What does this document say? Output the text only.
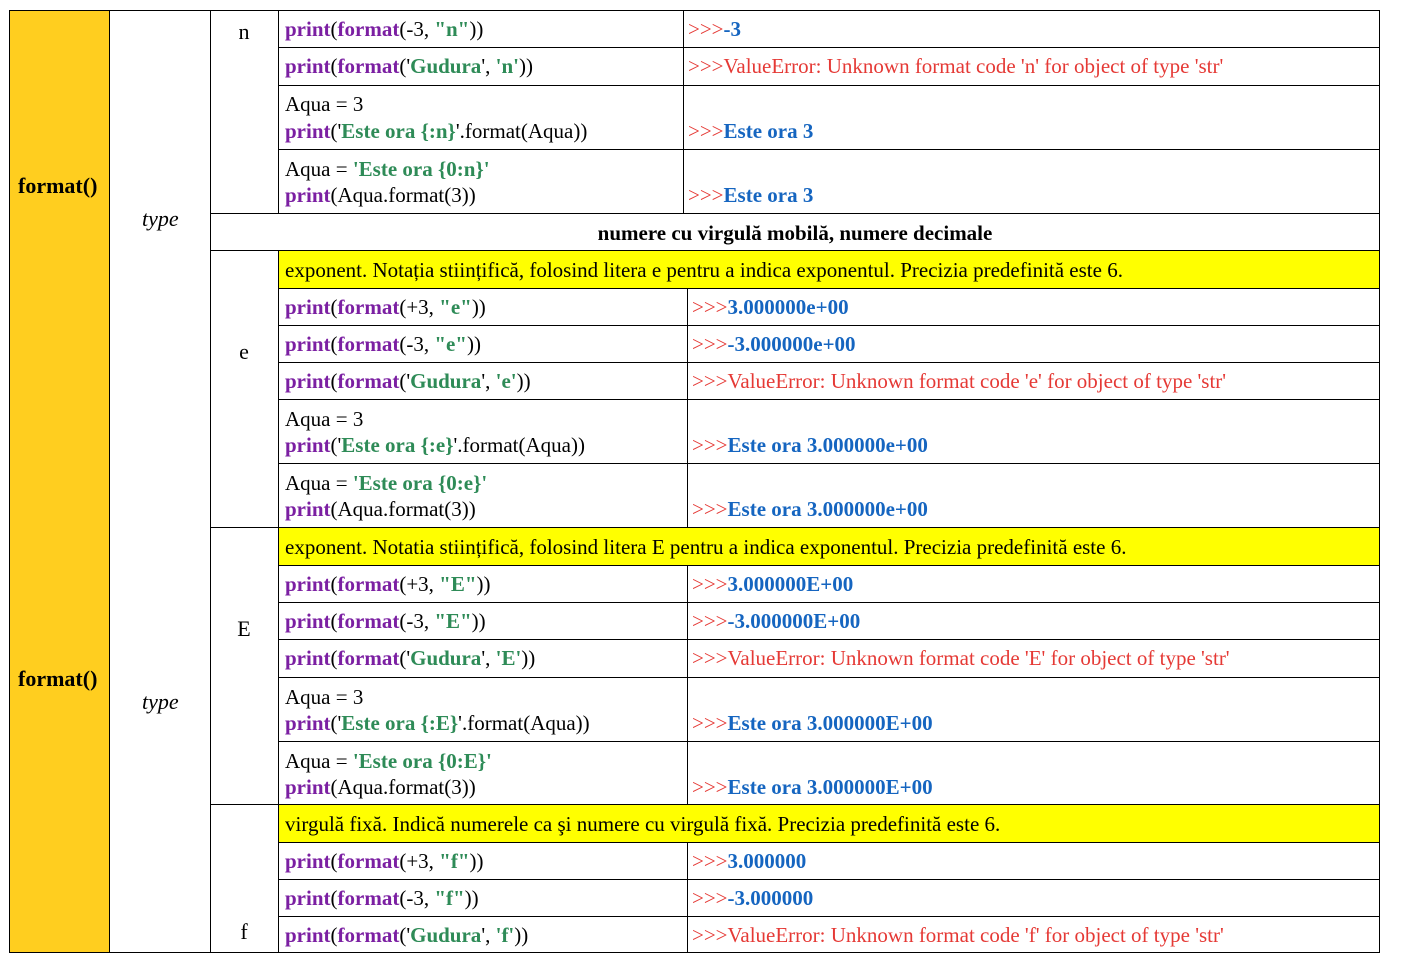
format()
format()
type
type
n	print(format(-3, "n"))	>>>-3
print(format('Gudura', 'n'))	>>>ValueError: Unknown format code 'n' for object of type 'str'
Aqua = 3
print('Este ora {:n}'.format(Aqua))	>>>Este ora 3
Aqua = 'Este ora {0:n}'
print(Aqua.format(3))	>>>Este ora 3
numere cu virgulă mobilă, numere decimale
e
exponent. Notația stiințifică, folosind litera e pentru a indica exponentul. Precizia predefinită este 6.
print(format(+3, "e"))	>>>3.000000e+00
print(format(-3, "e"))	>>>-3.000000e+00
print(format('Gudura', 'e'))	>>>ValueError: Unknown format code 'e' for object of type 'str'
Aqua = 3
print('Este ora {:e}'.format(Aqua))	>>>Este ora 3.000000e+00
Aqua = 'Este ora {0:e}'
print(Aqua.format(3))	>>>Este ora 3.000000e+00
E
exponent. Notatia stiințifică, folosind litera E pentru a indica exponentul. Precizia predefinită este 6.
print(format(+3, "E"))	>>>3.000000E+00
print(format(-3, "E"))	>>>-3.000000E+00
print(format('Gudura', 'E'))	>>>ValueError: Unknown format code 'E' for object of type 'str'
Aqua = 3
print('Este ora {:E}'.format(Aqua))	>>>Este ora 3.000000E+00
Aqua = 'Este ora {0:E}'
print(Aqua.format(3))	>>>Este ora 3.000000E+00
f
virgulă fixă. Indică numerele ca şi numere cu virgulă fixă. Precizia predefinită este 6.
print(format(+3, "f"))	>>>3.000000
print(format(-3, "f"))	>>>-3.000000
print(format('Gudura', 'f'))	>>>ValueError: Unknown format code 'f' for object of type 'str'
